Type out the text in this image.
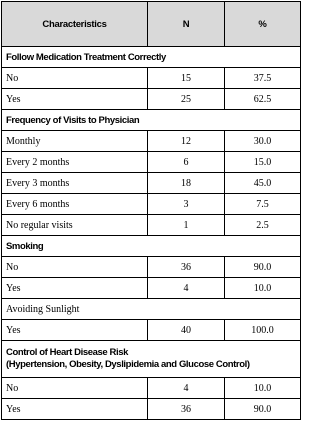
Characteristics	N	%
Follow Medication Treatment Correctly		
No	15	37.5
Yes	25	62.5
Frequency of Visits to Physician		
Monthly	12	30.0
Every 2 months	6	15.0
Every 3 months	18	45.0
Every 6 months	3	7.5
No regular visits	1	2.5
Smoking		
No	36	90.0
Yes	4	10.0
Avoiding Sunlight		
Yes	40	100.0
Control of Heart Disease Risk
(Hypertension, Obesity, Dyslipidemia and Glucose Control)		
No	4	10.0
Yes	36	90.0
